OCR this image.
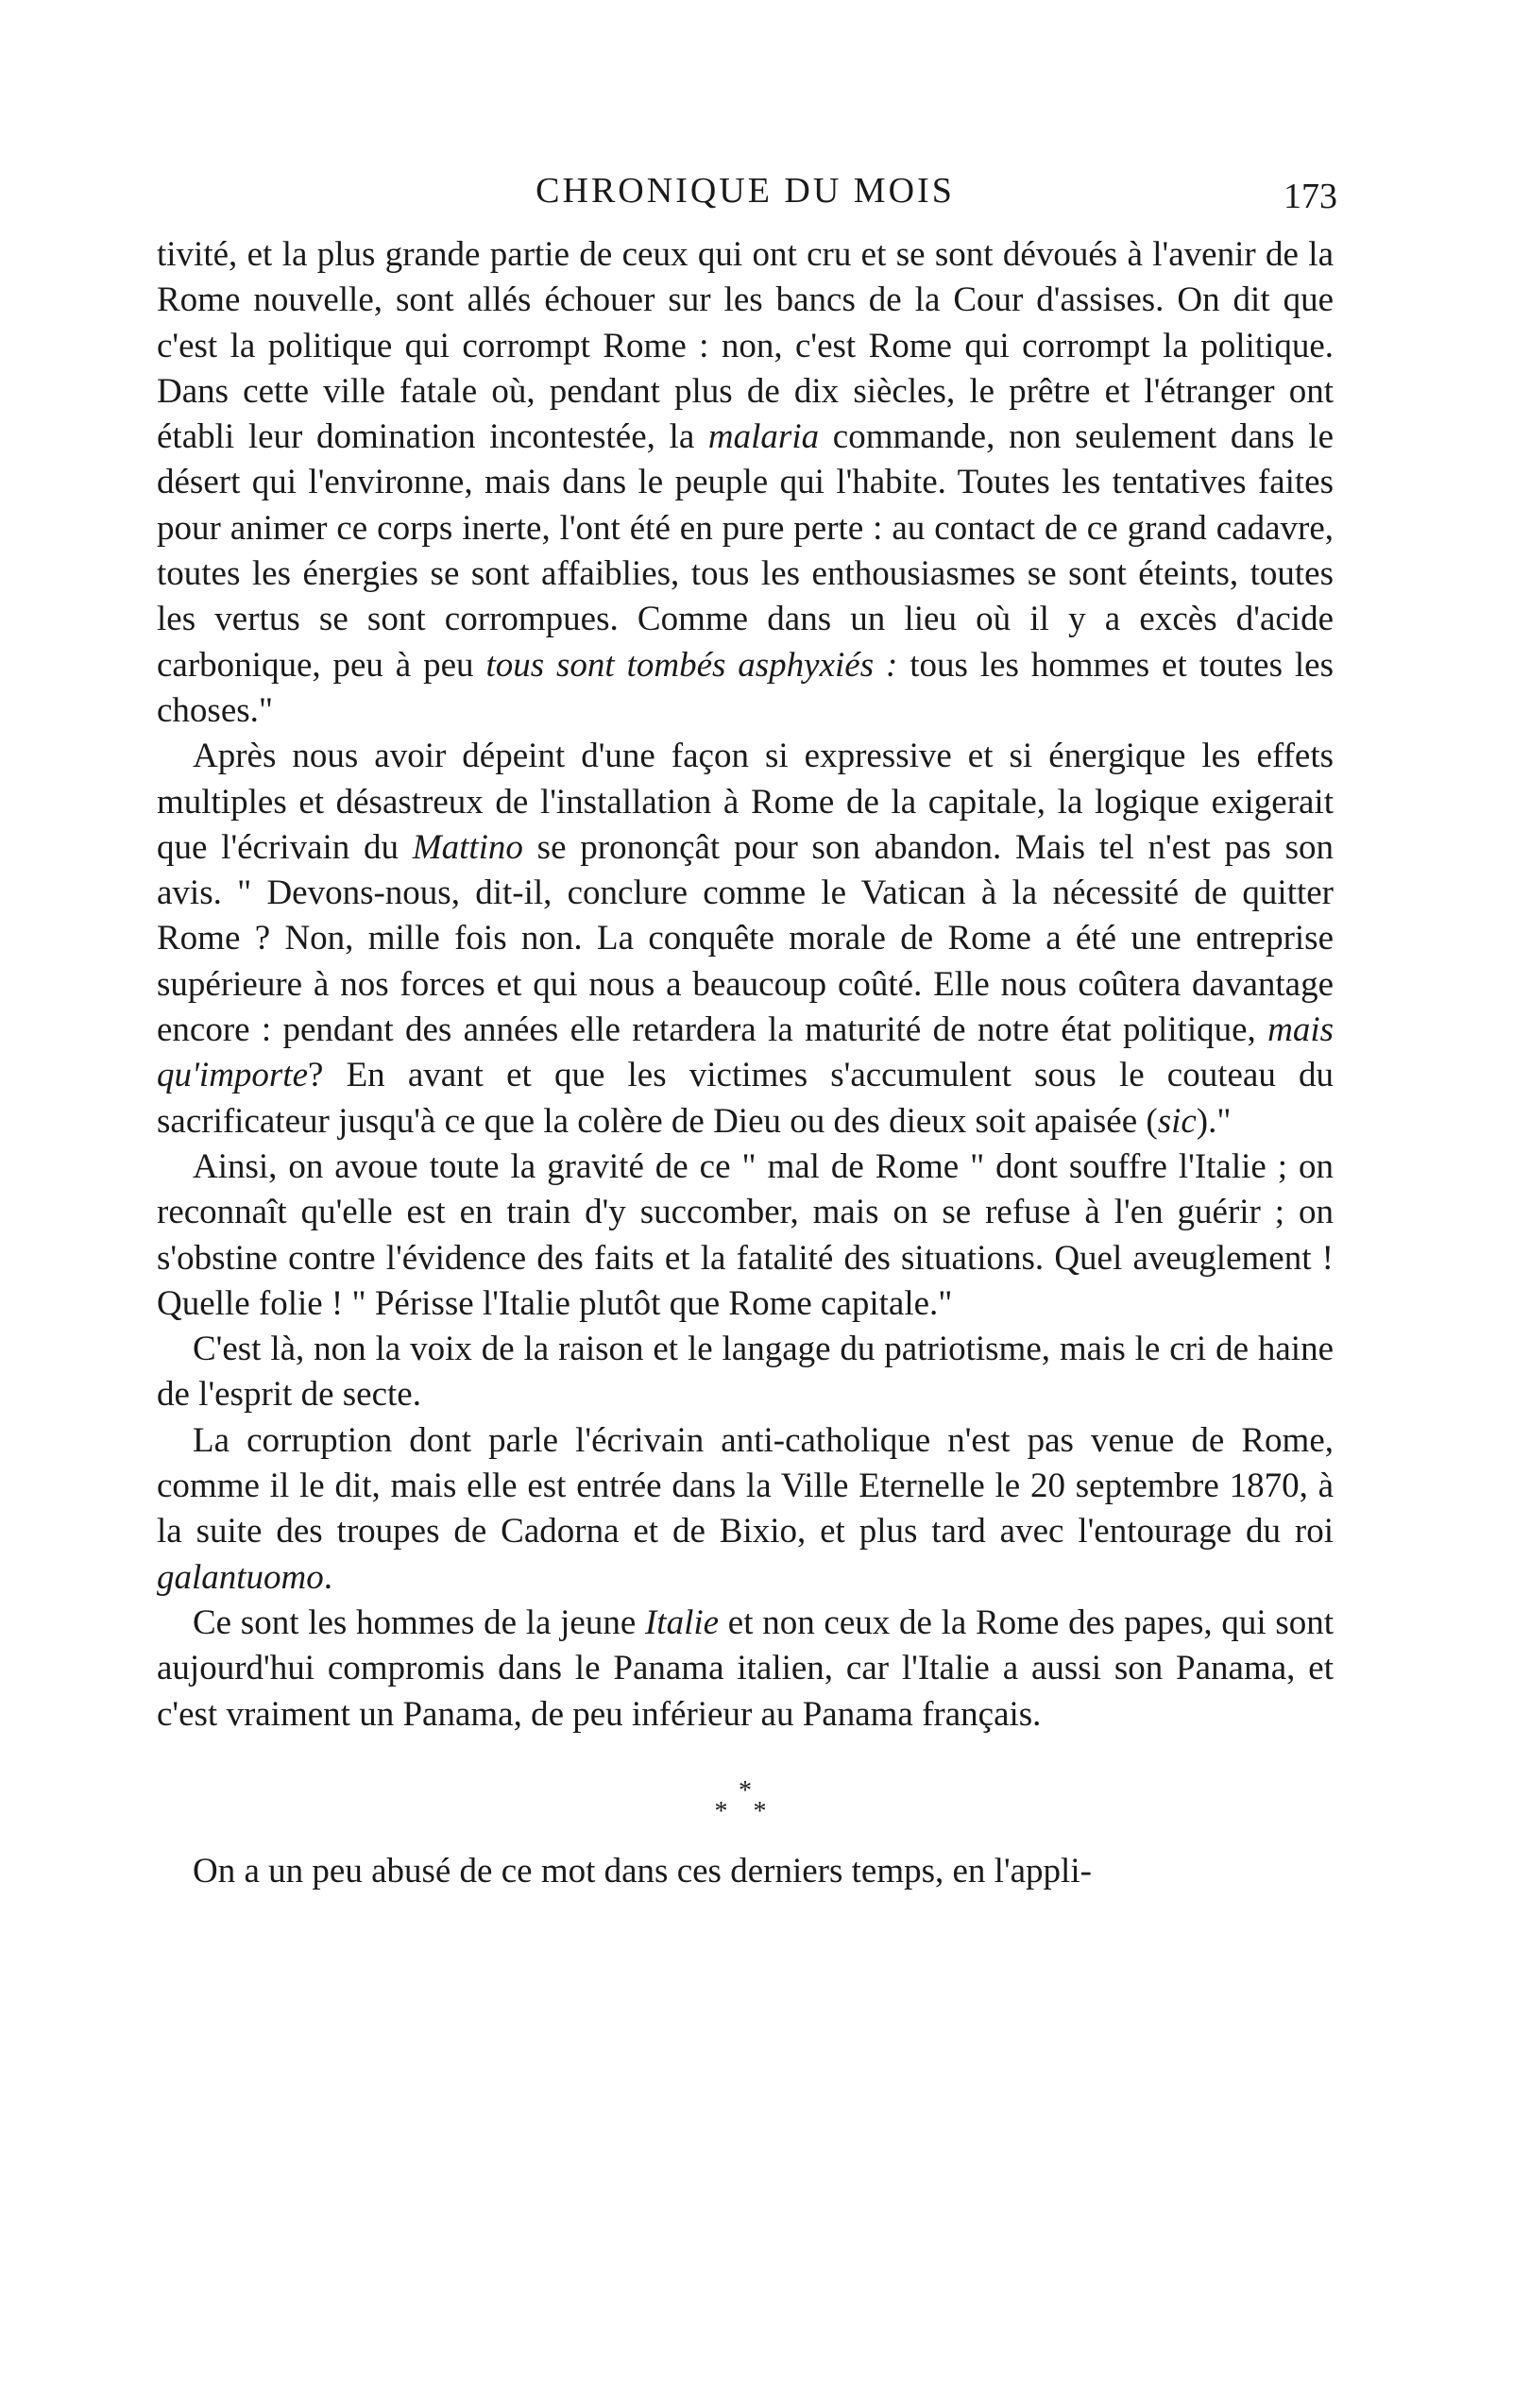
CHRONIQUE DU MOIS	173

tivité, et la plus grande partie de ceux qui ont cru et se sont dévoués à l'avenir de la Rome nouvelle, sont allés échouer sur les bancs de la Cour d'assises. On dit que c'est la politique qui corrompt Rome : non, c'est Rome qui corrompt la politique. Dans cette ville fatale où, pendant plus de dix siècles, le prêtre et l'étranger ont établi leur domination incontestée, la malaria commande, non seulement dans le désert qui l'environne, mais dans le peuple qui l'habite. Toutes les tentatives faites pour animer ce corps inerte, l'ont été en pure perte : au contact de ce grand cadavre, toutes les énergies se sont affaiblies, tous les enthousiasmes se sont éteints, toutes les vertus se sont corrompues. Comme dans un lieu où il y a excès d'acide carbonique, peu à peu tous sont tombés asphyxiés : tous les hommes et toutes les choses."

Après nous avoir dépeint d'une façon si expressive et si énergique les effets multiples et désastreux de l'installation à Rome de la capitale, la logique exigerait que l'écrivain du Mattino se prononçât pour son abandon. Mais tel n'est pas son avis. " Devons-nous, dit-il, conclure comme le Vatican à la nécessité de quitter Rome ? Non, mille fois non. La conquête morale de Rome a été une entreprise supérieure à nos forces et qui nous a beaucoup coûté. Elle nous coûtera davantage encore : pendant des années elle retardera la maturité de notre état politique, mais qu'importe? En avant et que les victimes s'accumulent sous le couteau du sacrificateur jusqu'à ce que la colère de Dieu ou des dieux soit apaisée (sic)."

Ainsi, on avoue toute la gravité de ce " mal de Rome " dont souffre l'Italie ; on reconnaît qu'elle est en train d'y succomber, mais on se refuse à l'en guérir ; on s'obstine contre l'évidence des faits et la fatalité des situations. Quel aveuglement ! Quelle folie ! " Périsse l'Italie plutôt que Rome capitale."

C'est là, non la voix de la raison et le langage du patriotisme, mais le cri de haine de l'esprit de secte.

La corruption dont parle l'écrivain anti-catholique n'est pas venue de Rome, comme il le dit, mais elle est entrée dans la Ville Eternelle le 20 septembre 1870, à la suite des troupes de Cadorna et de Bixio, et plus tard avec l'entourage du roi galantuomo.

Ce sont les hommes de la jeune Italie et non ceux de la Rome des papes, qui sont aujourd'hui compromis dans le Panama italien, car l'Italie a aussi son Panama, et c'est vraiment un Panama, de peu inférieur au Panama français.

*
* *

On a un peu abusé de ce mot dans ces derniers temps, en l'appli-
